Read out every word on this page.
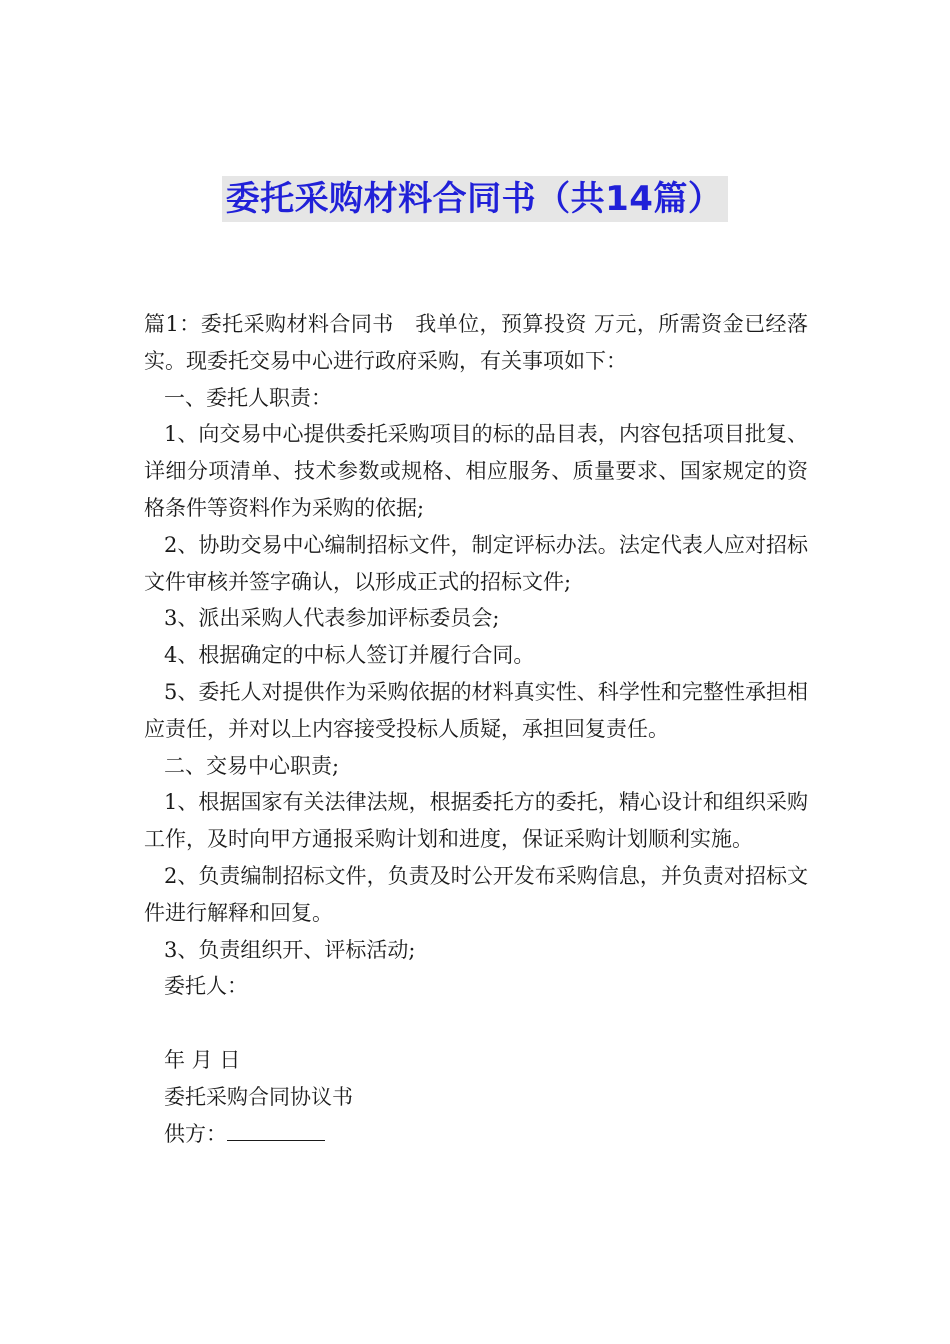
委托采购材料合同书（共14篇）

篇1：委托采购材料合同书　我单位，预算投资 万元，所需资金已经落实。现委托交易中心进行政府采购，有关事项如下：

一、委托人职责：

1、向交易中心提供委托采购项目的标的品目表，内容包括项目批复、详细分项清单、技术参数或规格、相应服务、质量要求、国家规定的资格条件等资料作为采购的依据;

2、协助交易中心编制招标文件，制定评标办法。法定代表人应对招标文件审核并签字确认，以形成正式的招标文件;

3、派出采购人代表参加评标委员会;

4、根据确定的中标人签订并履行合同。

5、委托人对提供作为采购依据的材料真实性、科学性和完整性承担相应责任，并对以上内容接受投标人质疑，承担回复责任。

二、交易中心职责;

1、根据国家有关法律法规，根据委托方的委托，精心设计和组织采购工作，及时向甲方通报采购计划和进度，保证采购计划顺利实施。

2、负责编制招标文件，负责及时公开发布采购信息，并负责对招标文件进行解释和回复。

3、负责组织开、评标活动;

委托人：

年 月 日

委托采购合同协议书

供方：
